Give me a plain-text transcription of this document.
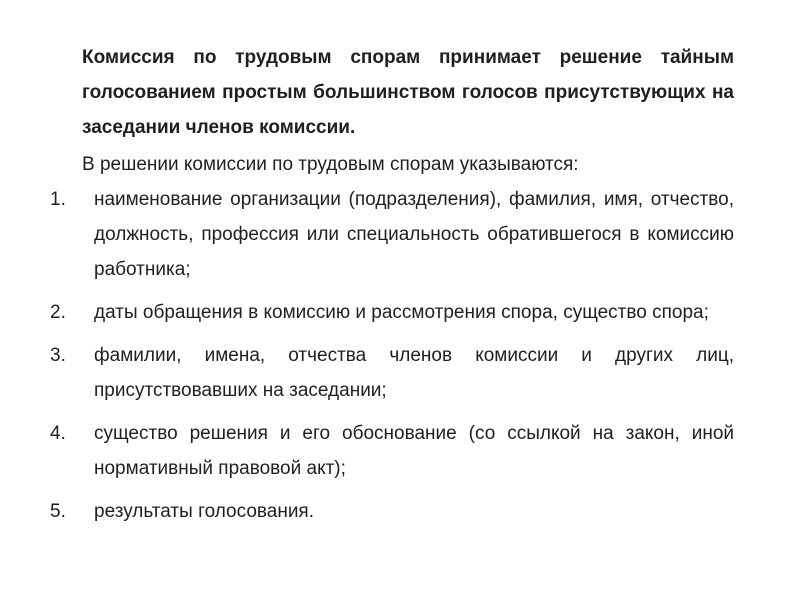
Комиссия по трудовым спорам принимает решение тайным голосованием простым большинством голосов присутствующих на заседании членов комиссии.

В решении комиссии по трудовым спорам указываются:

1.	наименование организации (подразделения), фамилия, имя, отчество, должность, профессия или специальность обратившегося в комиссию работника;
2.	даты обращения в комиссию и рассмотрения спора, существо спора;
3.	фамилии, имена, отчества членов комиссии и других лиц, присутствовавших на заседании;
4.	существо решения и его обоснование (со ссылкой на закон, иной нормативный правовой акт);
5.	результаты голосования.
